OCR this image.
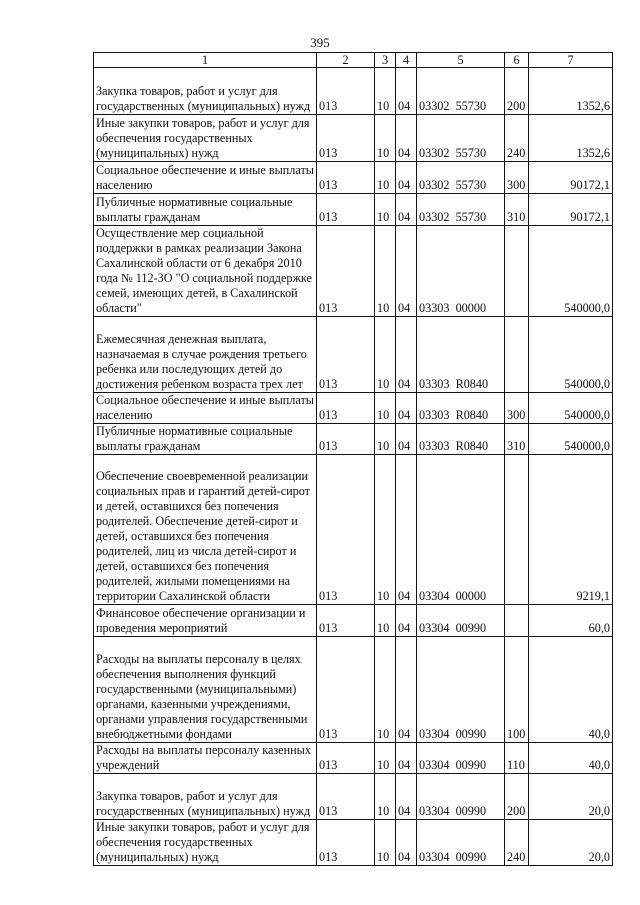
395
1	2	3	4	5	6	7
Закупка товаров, работ и услуг для государственных (муниципальных) нужд	013	10	04	03302  55730	200	1352,6
Иные закупки товаров, работ и услуг для обеспечения государственных (муниципальных) нужд	013	10	04	03302  55730	240	1352,6
Социальное обеспечение и иные выплаты населению	013	10	04	03302  55730	300	90172,1
Публичные нормативные социальные выплаты гражданам	013	10	04	03302  55730	310	90172,1
Осуществление мер социальной поддержки в рамках реализации Закона Сахалинской области от 6 декабря 2010 года № 112-ЗО "О социальной поддержке семей, имеющих детей, в Сахалинской области"	013	10	04	03303  00000		540000,0
Ежемесячная денежная выплата, назначаемая в случае рождения третьего ребенка или последующих детей до достижения ребенком возраста трех лет	013	10	04	03303  R0840		540000,0
Социальное обеспечение и иные выплаты населению	013	10	04	03303  R0840	300	540000,0
Публичные нормативные социальные выплаты гражданам	013	10	04	03303  R0840	310	540000,0
Обеспечение своевременной реализации социальных прав и гарантий детей-сирот и детей, оставшихся без попечения родителей. Обеспечение детей-сирот и детей, оставшихся без попечения родителей, лиц из числа детей-сирот и детей, оставшихся без попечения родителей, жилыми помещениями на территории Сахалинской области	013	10	04	03304  00000		9219,1
Финансовое обеспечение организации и проведения мероприятий	013	10	04	03304  00990		60,0
Расходы на выплаты персоналу в целях обеспечения выполнения функций государственными (муниципальными) органами, казенными учреждениями, органами управления государственными внебюджетными фондами	013	10	04	03304  00990	100	40,0
Расходы на выплаты персоналу казенных учреждений	013	10	04	03304  00990	110	40,0
Закупка товаров, работ и услуг для государственных (муниципальных) нужд	013	10	04	03304  00990	200	20,0
Иные закупки товаров, работ и услуг для обеспечения государственных (муниципальных) нужд	013	10	04	03304  00990	240	20,0
